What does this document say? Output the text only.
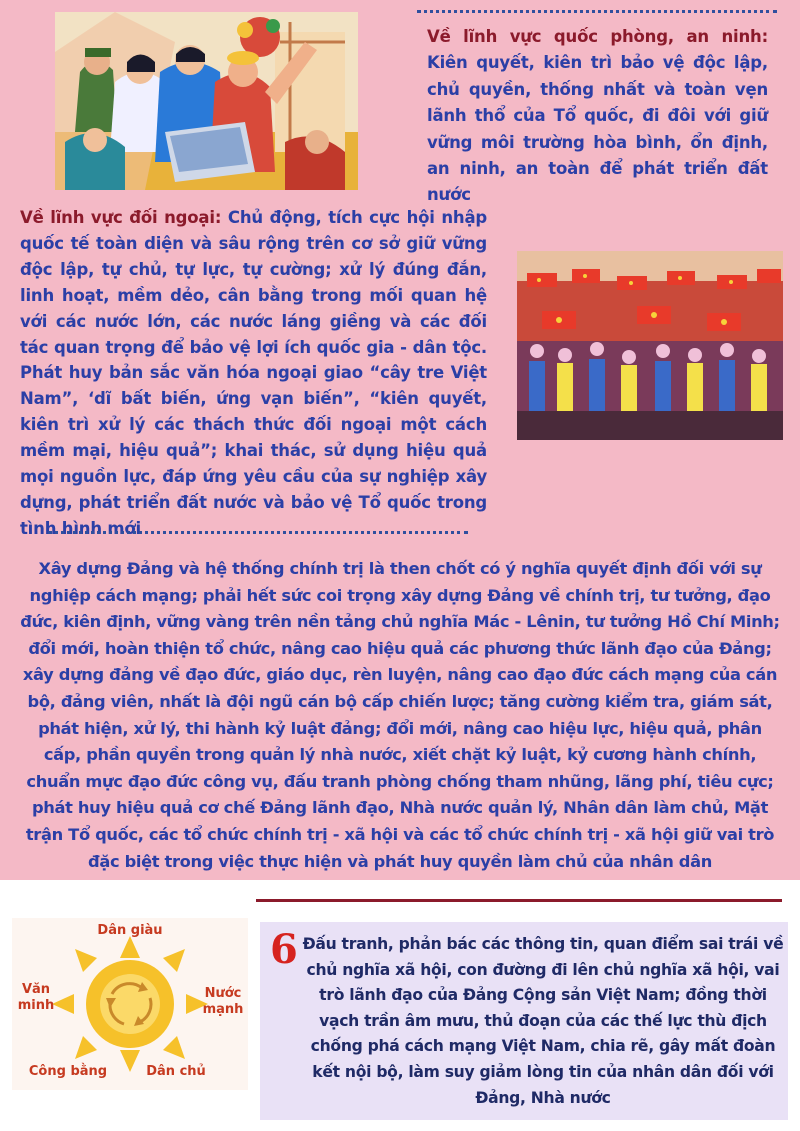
Về lĩnh vực quốc phòng, an ninh: Kiên quyết, kiên trì bảo vệ độc lập, chủ quyền, thống nhất và toàn vẹn lãnh thổ của Tổ quốc, đi đôi với giữ vững môi trường hòa bình, ổn định, an ninh, an toàn để phát triển đất nước
Về lĩnh vực đối ngoại: Chủ động, tích cực hội nhập quốc tế toàn diện và sâu rộng trên cơ sở giữ vững độc lập, tự chủ, tự lực, tự cường; xử lý đúng đắn, linh hoạt, mềm dẻo, cân bằng trong mối quan hệ với các nước lớn, các nước láng giềng và các đối tác quan trọng để bảo vệ lợi ích quốc gia - dân tộc. Phát huy bản sắc văn hóa ngoại giao “cây tre Việt Nam”, ‘dĩ bất biến, ứng vạn biến”, “kiên quyết, kiên trì xử lý các thách thức đối ngoại một cách mềm mại, hiệu quả”; khai thác, sử dụng hiệu quả mọi nguồn lực, đáp ứng yêu cầu của sự nghiệp xây dựng, phát triển đất nước và bảo vệ Tổ quốc trong tình hình mới
Xây dựng Đảng và hệ thống chính trị là then chốt có ý nghĩa quyết định đối với sự nghiệp cách mạng; phải hết sức coi trọng xây dựng Đảng về chính trị, tư tưởng, đạo đức, kiên định, vững vàng trên nền tảng chủ nghĩa Mác - Lênin, tư tưởng Hồ Chí Minh; đổi mới, hoàn thiện tổ chức, nâng cao hiệu quả các phương thức lãnh đạo của Đảng; xây dựng đảng về đạo đức, giáo dục, rèn luyện, nâng cao đạo đức cách mạng của cán bộ, đảng viên, nhất là đội ngũ cán bộ cấp chiến lược; tăng cường kiểm tra, giám sát, phát hiện, xử lý, thi hành kỷ luật đảng; đổi mới, nâng cao hiệu lực, hiệu quả, phân cấp, phần quyền trong quản lý nhà nước, xiết chặt kỷ luật, kỷ cương hành chính, chuẩn mực đạo đức công vụ, đấu tranh phòng chống tham nhũng, lãng phí, tiêu cực; phát huy hiệu quả cơ chế Đảng lãnh đạo, Nhà nước quản lý, Nhân dân làm chủ, Mặt trận Tổ quốc, các tổ chức chính trị - xã hội và các tổ chức chính trị - xã hội giữ vai trò đặc biệt trong việc thực hiện và phát huy quyền làm chủ của nhân dân
Dân giàu
Văn minh
Nước mạnh
Công bằng	Dân chủ
6 Đấu tranh, phản bác các thông tin, quan điểm sai trái về chủ nghĩa xã hội, con đường đi lên chủ nghĩa xã hội, vai trò lãnh đạo của Đảng Cộng sản Việt Nam; đồng thời vạch trần âm mưu, thủ đoạn của các thế lực thù địch chống phá cách mạng Việt Nam, chia rẽ, gây mất đoàn kết nội bộ, làm suy giảm lòng tin của nhân dân đối với Đảng, Nhà nước
